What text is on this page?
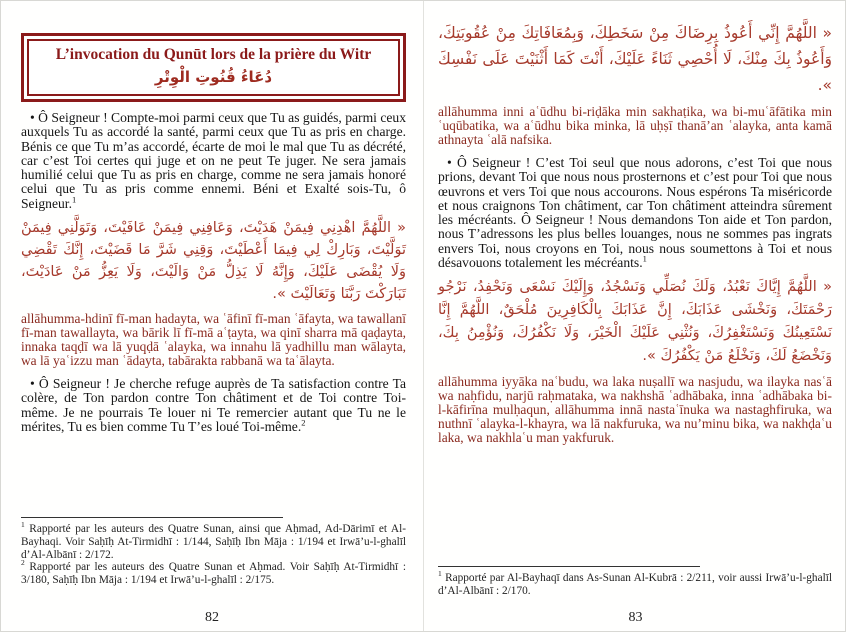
L’invocation du Qunūt lors de la prière du Witr
دُعَاءُ قُنُوتِ الْوِتْرِ

• Ô Seigneur ! Compte-moi parmi ceux que Tu as guidés, parmi ceux auxquels Tu as accordé la santé, parmi ceux que Tu as pris en charge. Bénis ce que Tu m’as accordé, écarte de moi le mal que Tu as décrété, car c’est Toi certes qui juge et on ne peut Te juger. Ne sera jamais humilié celui que Tu as pris en charge, comme ne sera jamais honoré celui que Tu as pris comme ennemi. Béni et Exalté sois-Tu, ô Seigneur.$^1$

« اللَّهُمَّ اهْدِنِي فِيمَنْ هَدَيْتَ، وَعَافِنِي فِيمَنْ عَافَيْتَ، وَتَوَلَّنِي فِيمَنْ تَوَلَّيْتَ، وَبَارِكْ لِي فِيمَا أَعْطَيْتَ، وَقِنِي شَرَّ مَا قَضَيْتَ، إِنَّكَ تَقْضِي وَلَا يُقْضَى عَلَيْكَ، وَإِنَّهُ لَا يَذِلُّ مَنْ وَالَيْتَ، وَلَا يَعِزُّ مَنْ عَادَيْتَ، تَبَارَكْتَ رَبَّنَا وَتَعَالَيْتَ ».

allāhumma-hdinī fī-man hadayta, wa ʿāfinī fī-man ʿāfayta, wa tawallanī fī-man tawallayta, wa bārik lī fī-mā aʿṭayta, wa qinī sharra mā qaḍayta, innaka taqḍī wa lā yuqḍā ʿalayka, wa innahu lā yadhillu man wālayta, wa lā yaʿizzu man ʿādayta, tabārakta rabbanā wa taʿālayta.

• Ô Seigneur ! Je cherche refuge auprès de Ta satisfaction contre Ta colère, de Ton pardon contre Ton châtiment et de Toi contre Toi-même. Je ne pourrais Te louer ni Te remercier autant que Tu ne le mérites, Tu es bien comme Tu T’es loué Toi-même.$^2$

$^1$ Rapporté par les auteurs des Quatre Sunan, ainsi que Aḥmad, Ad-Dārimī et Al-Bayhaqi. Voir Saḥīḥ At-Tirmidhī : 1/144, Saḥīḥ Ibn Māja : 1/194 et Irwā’u-l-ghalīl d’Al-Albānī : 2/172.
$^2$ Rapporté par les auteurs des Quatre Sunan et Aḥmad. Voir Saḥīḥ At-Tirmidhī : 3/180, Saḥīḥ Ibn Māja : 1/194 et Irwā’u-l-ghalīl : 2/175.
82

« اللَّهُمَّ إِنِّي أَعُوذُ بِرِضَاكَ مِنْ سَخَطِكَ، وَبِمُعَافَاتِكَ مِنْ عُقُوبَتِكَ، وَأَعُوذُ بِكَ مِنْكَ، لَا أُحْصِي ثَنَاءً عَلَيْكَ، أَنْتَ كَمَا أَثْنَيْتَ عَلَى نَفْسِكَ ».

allāhumma inni aʿūdhu bi-riḍāka min sakhaṭika, wa bi-muʿāfātika min ʿuqūbatika, wa aʿūdhu bika minka, lā uḥṣī thanā’an ʿalayka, anta kamā athnayta ʿalā nafsika.

• Ô Seigneur ! C’est Toi seul que nous adorons, c’est Toi que nous prions, devant Toi que nous nous prosternons et c’est pour Toi que nous œuvrons et vers Toi que nous accourons. Nous espérons Ta miséricorde et nous craignons Ton châtiment, car Ton châtiment atteindra sûrement les mécréants. Ô Seigneur ! Nous demandons Ton aide et Ton pardon, nous T’adressons les plus belles louanges, nous ne sommes pas ingrats envers Toi, nous croyons en Toi, nous nous soumettons à Toi et nous désavouons totalement les mécréants.$^1$

« اللَّهُمَّ إِيَّاكَ نَعْبُدُ، وَلَكَ نُصَلِّي وَنَسْجُدُ، وَإِلَيْكَ نَسْعَى وَنَحْفِدُ، نَرْجُو رَحْمَتَكَ، وَنَخْشَى عَذَابَكَ، إِنَّ عَذَابَكَ بِالْكَافِرِينَ مُلْحَقٌ، اللَّهُمَّ إِنَّا نَسْتَعِينُكَ وَنَسْتَغْفِرُكَ، وَنُثْنِي عَلَيْكَ الْخَيْرَ، وَلَا نَكْفُرُكَ، وَنُؤْمِنُ بِكَ، وَنَخْضَعُ لَكَ، وَنَخْلَعُ مَنْ يَكْفُرُكَ ».

allāhumma iyyāka naʿbudu, wa laka nuṣallī wa nasjudu, wa ilayka nasʿā wa naḥfidu, narjū raḥmataka, wa nakhshā ʿadhābaka, inna ʿadhābaka bi-l-kāfirīna mulḥaqun, allāhumma innā nastaʿīnuka wa nastaghfiruka, wa nuthnī ʿalayka-l-khayra, wa lā nakfuruka, wa nu’minu bika, wa nakhḍaʿu laka, wa nakhlaʿu man yakfuruk.

$^1$ Rapporté par Al-Bayhaqī dans As-Sunan Al-Kubrā : 2/211, voir aussi Irwā’u-l-ghalīl d’Al-Albānī : 2/170.
83
